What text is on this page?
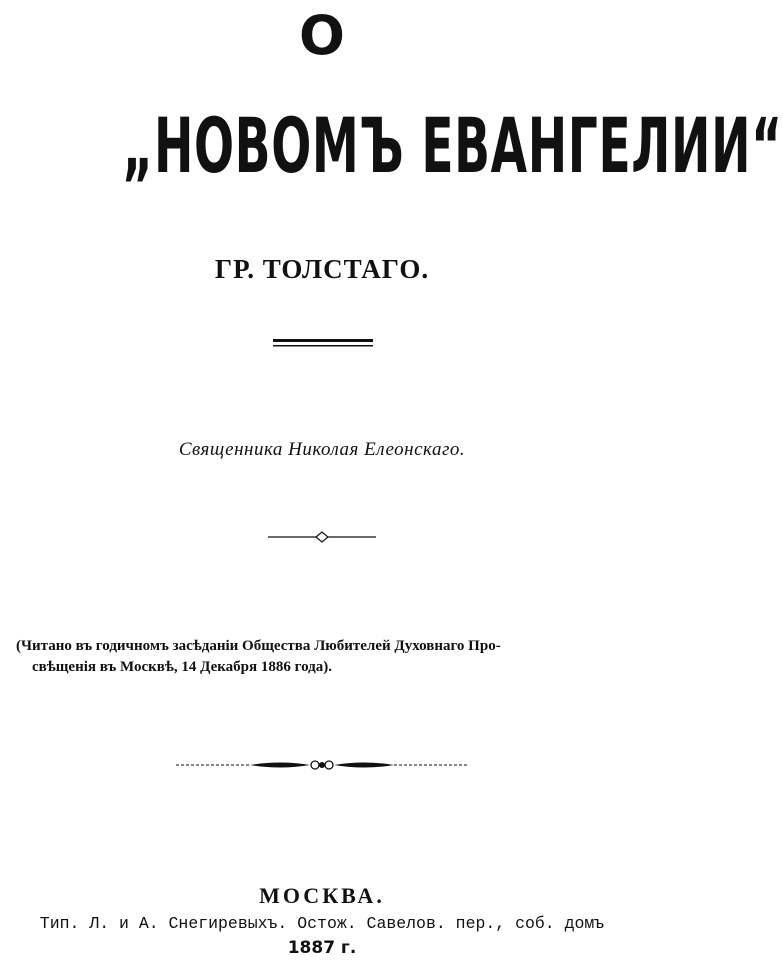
О
„НОВОМЪ ЕВАНГЕЛИИ“
ГР. ТОЛСТАГО.
Священника Николая Елеонскаго.
(Читано въ годичномъ засѣданіи Общества Любителей Духовнаго Про-
свѣщенія въ Москвѣ, 14 Декабря 1886 года).
МОСКВА.
Тип. Л. и А. Снегиревыхъ. Остож. Савелов. пер., соб. домъ
1887 г.
